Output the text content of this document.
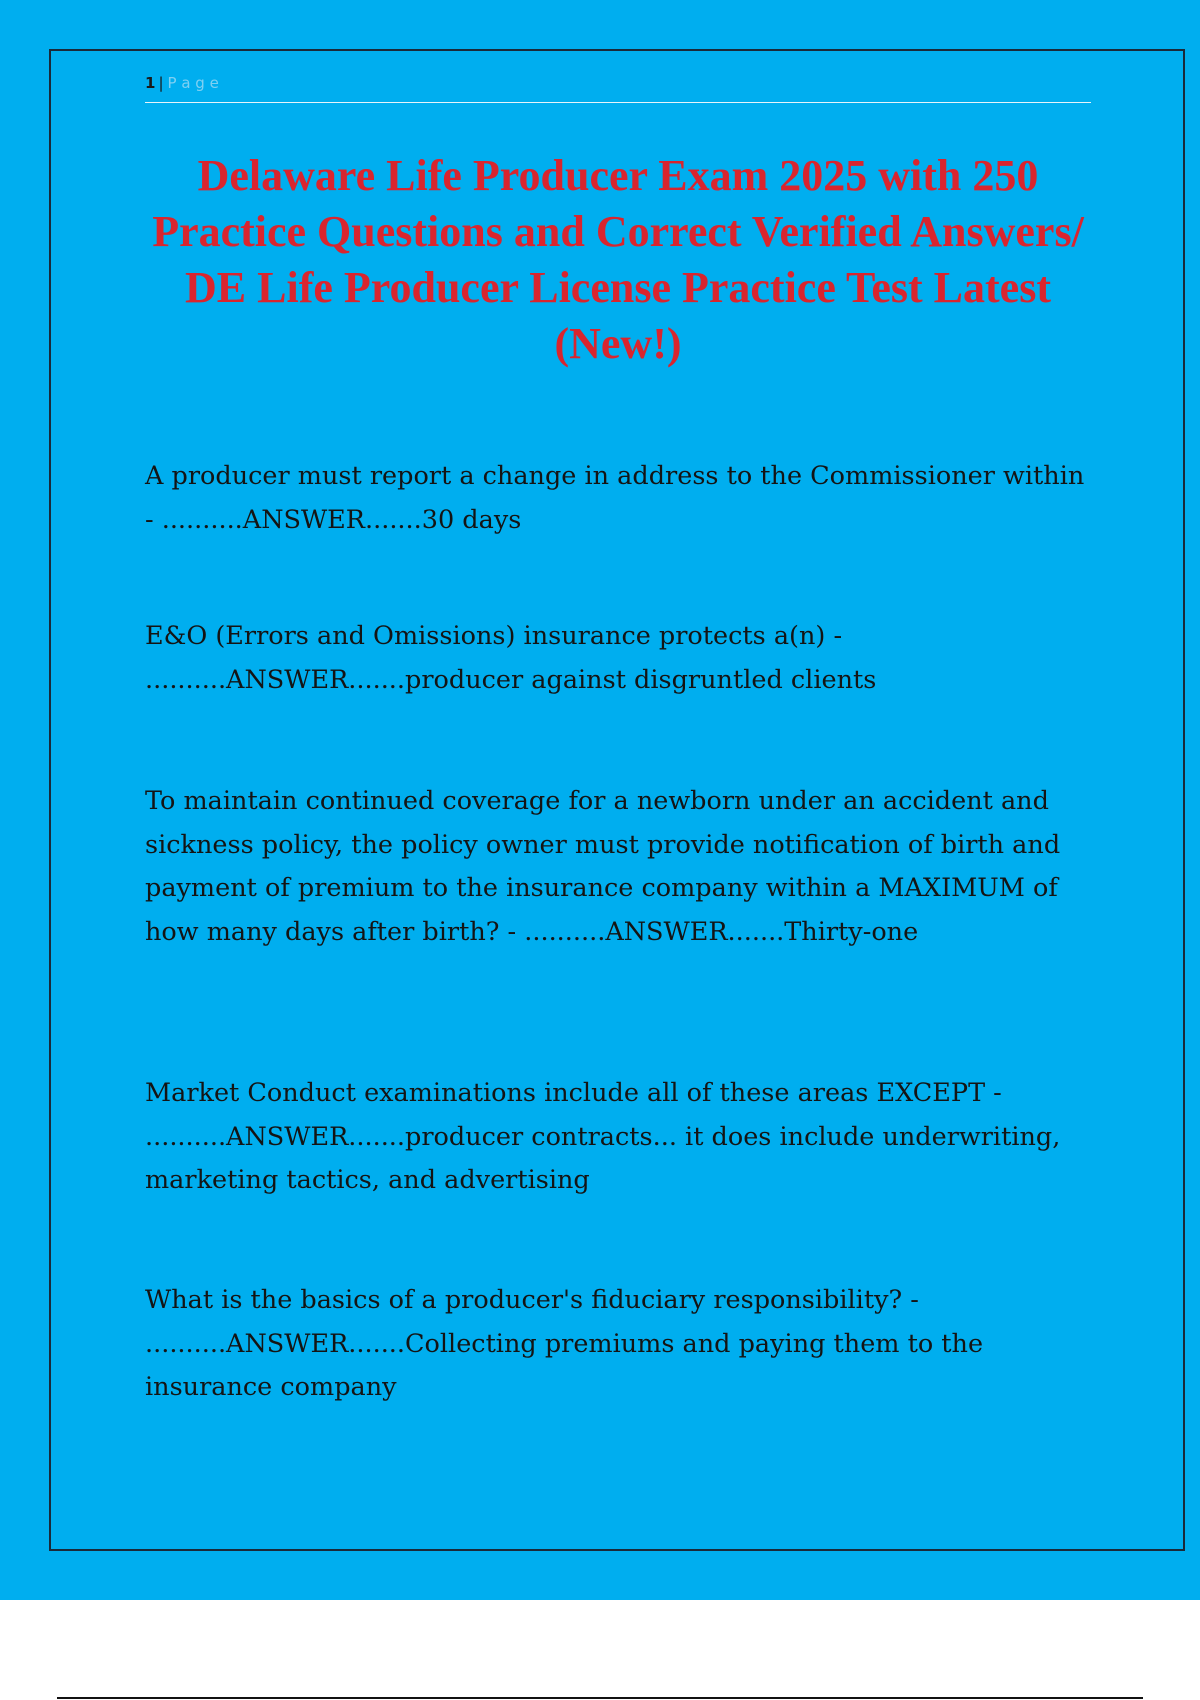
1 | P a g e
Delaware Life Producer Exam 2025 with 250 Practice Questions and Correct Verified Answers/ DE Life Producer License Practice Test Latest (New!)

A producer must report a change in address to the Commissioner within - ..........ANSWER.......30 days

E&O (Errors and Omissions) insurance protects a(n) - ..........ANSWER.......producer against disgruntled clients

To maintain continued coverage for a newborn under an accident and sickness policy, the policy owner must provide notification of birth and payment of premium to the insurance company within a MAXIMUM of how many days after birth? - ..........ANSWER.......Thirty-one

Market Conduct examinations include all of these areas EXCEPT - ..........ANSWER.......producer contracts... it does include underwriting, marketing tactics, and advertising

What is the basics of a producer's fiduciary responsibility? - ..........ANSWER.......Collecting premiums and paying them to the insurance company
